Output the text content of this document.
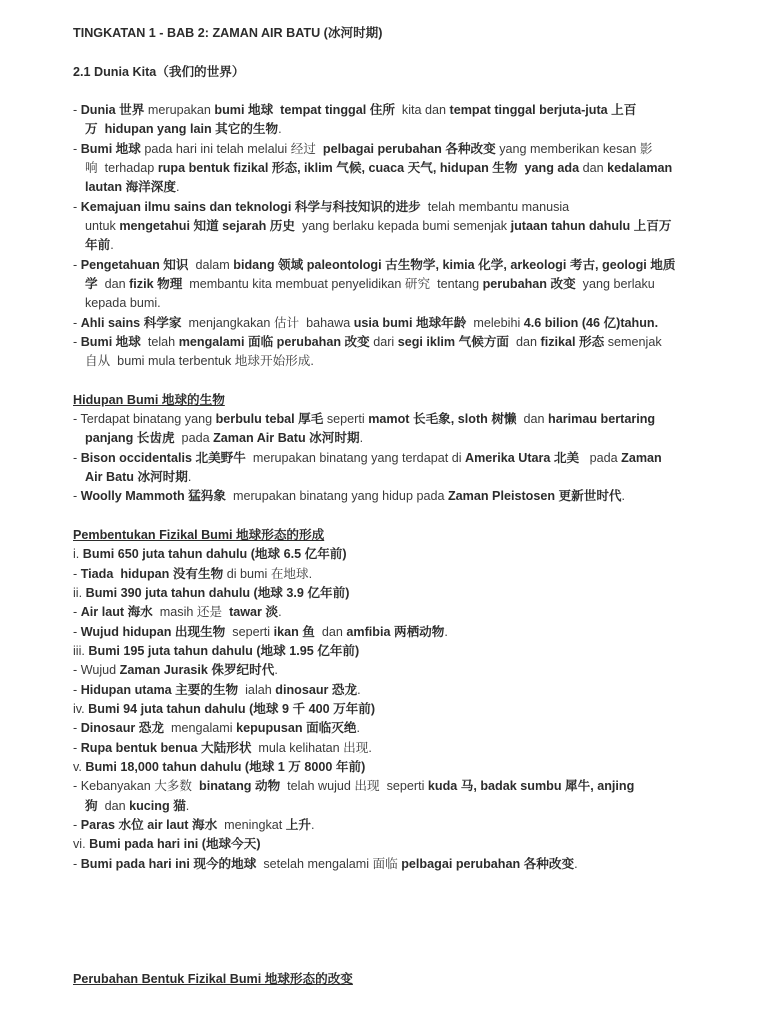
TINGKATAN 1 - BAB 2: ZAMAN AIR BATU (冰河时期)
2.1 Dunia Kita（我们的世界）
- Dunia 世界 merupakan bumi 地球 tempat tinggal 住所  kita dan tempat tinggal berjuta-juta 上百
万 hidupan yang lain 其它的生物.
- Bumi 地球 pada hari ini telah melalui 经过  pelbagai perubahan 各种改变 yang memberikan kesan 影
响  terhadap rupa bentuk fizikal 形态, iklim 气候, cuaca 天气, hidupan 生物 yang ada dan kedalaman
lautan 海洋深度.
- Kemajuan ilmu sains dan teknologi 科学与科技知识的进步  telah membantu manusia
untuk mengetahui 知道 sejarah 历史  yang berlaku kepada bumi semenjak jutaan tahun dahulu 上百万
年前.
- Pengetahuan 知识  dalam bidang 领域 paleontologi 古生物学, kimia 化学, arkeologi 考古, geologi 地质
学  dan fizik 物理  membantu kita membuat penyelidikan 研究  tentang perubahan 改变  yang berlaku
kepada bumi.
- Ahli sains 科学家  menjangkakan 估计  bahawa usia bumi 地球年龄  melebihi 4.6 bilion (46 亿)tahun.
- Bumi 地球  telah mengalami 面临 perubahan 改变 dari segi iklim 气候方面  dan fizikal 形态 semenjak
自从  bumi mula terbentuk 地球开始形成.
Hidupan Bumi 地球的生物
- Terdapat binatang yang berbulu tebal 厚毛 seperti mamot 长毛象, sloth 树懒  dan harimau bertaring
panjang 长齿虎  pada Zaman Air Batu 冰河时期.
- Bison occidentalis 北美野牛  merupakan binatang yang terdapat di Amerika Utara 北美   pada Zaman
Air Batu 冰河时期.
- Woolly Mammoth 猛犸象  merupakan binatang yang hidup pada Zaman Pleistosen 更新世时代.
Pembentukan Fizikal Bumi 地球形态的形成
i. Bumi 650 juta tahun dahulu (地球 6.5 亿年前)
- Tiada  hidupan 没有生物 di bumi 在地球.
ii. Bumi 390 juta tahun dahulu (地球 3.9 亿年前)
- Air laut 海水  masih 还是  tawar 淡.
- Wujud hidupan 出现生物  seperti ikan 鱼  dan amfibia 两栖动物.
iii. Bumi 195 juta tahun dahulu (地球 1.95 亿年前)
- Wujud Zaman Jurasik 侏罗纪时代.
- Hidupan utama 主要的生物  ialah dinosaur 恐龙.
iv. Bumi 94 juta tahun dahulu (地球 9 千 400 万年前)
- Dinosaur 恐龙  mengalami kepupusan 面临灭绝.
- Rupa bentuk benua 大陆形状  mula kelihatan 出现.
v. Bumi 18,000 tahun dahulu (地球 1 万 8000 年前)
- Kebanyakan 大多数  binatang 动物  telah wujud 出现  seperti kuda 马, badak sumbu 犀牛, anjing
狗  dan kucing 猫.
- Paras 水位 air laut 海水  meningkat 上升.
vi. Bumi pada hari ini (地球今天)
- Bumi pada hari ini 现今的地球  setelah mengalami 面临 pelbagai perubahan 各种改变.
Perubahan Bentuk Fizikal Bumi 地球形态的改变
